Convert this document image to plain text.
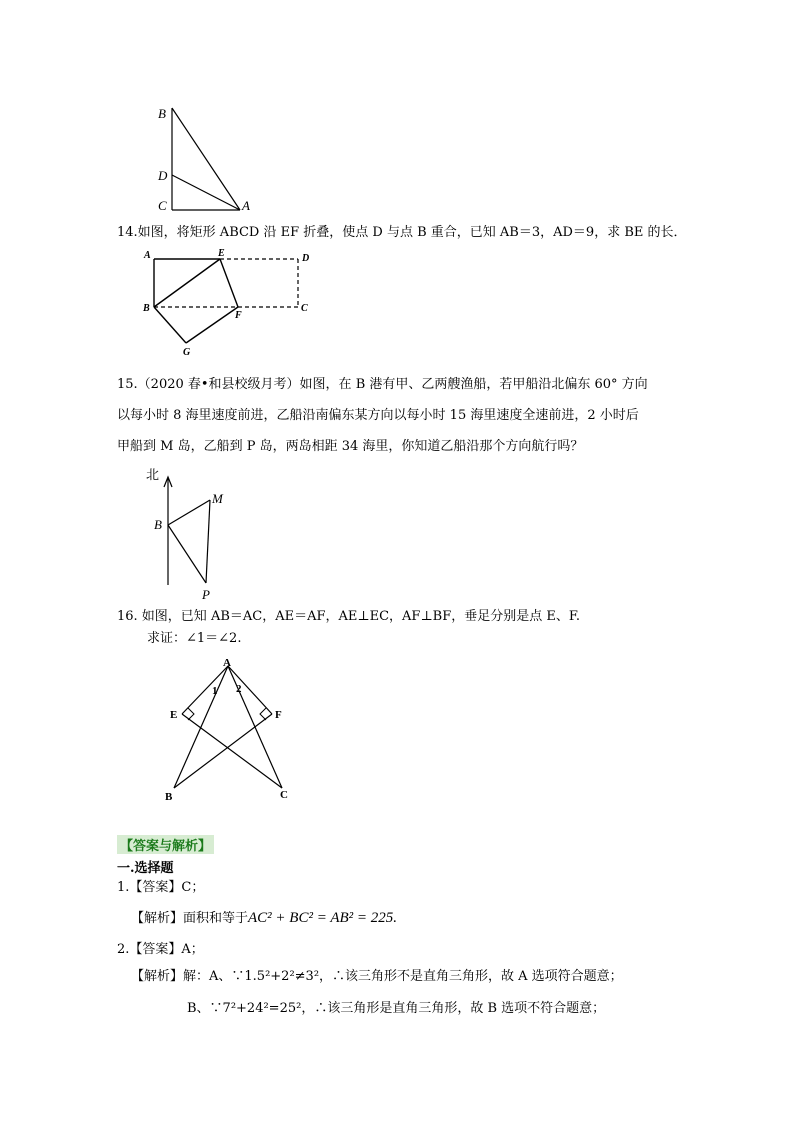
B
D
C	A
14.如图，将矩形 ABCD 沿 EF 折叠，使点 D 与点 B 重合，已知 AB＝3，AD＝9，求 BE 的长．
A	E	D
B
F
C
G
15.（2020 春•和县校级月考）如图，在 B 港有甲、乙两艘渔船，若甲船沿北偏东 60° 方向
以每小时 8 海里速度前进，乙船沿南偏东某方向以每小时 15 海里速度全速前进，2 小时后
甲船到 M 岛，乙船到 P 岛，两岛相距 34 海里，你知道乙船沿那个方向航行吗？
北
B
M
P
16. 如图，已知 AB＝AC，AE＝AF，AE⊥EC，AF⊥BF，垂足分别是点 E、F.
求证：∠1＝∠2.
A
E	F
B	C
1 2
【答案与解析】
一.选择题
1.【答案】C；
【解析】面积和等于AC² + BC² = AB² = 225.
2.【答案】A；
【解析】解：A、∵1.5²+2²≠3²，∴该三角形不是直角三角形，故 A 选项符合题意；
B、∵7²+24²=25²，∴该三角形是直角三角形，故 B 选项不符合题意；
